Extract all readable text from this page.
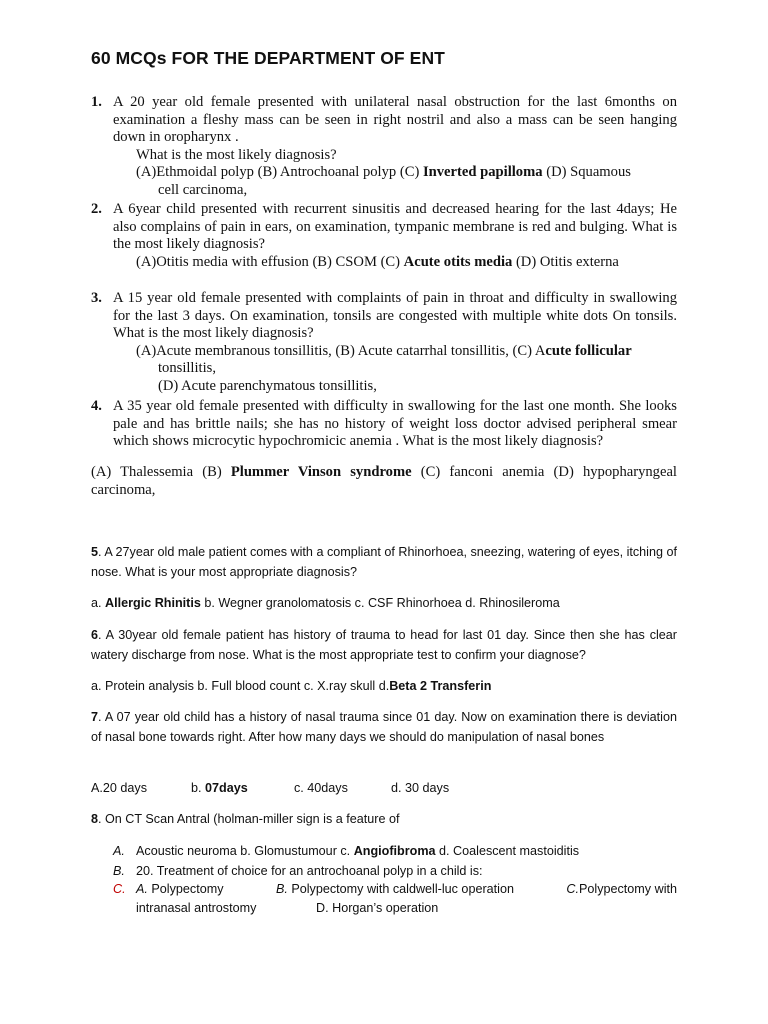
60 MCQs FOR THE DEPARTMENT OF ENT
1. A 20 year old female presented with unilateral nasal obstruction for the last 6months on examination a fleshy mass can be seen in right nostril and also a mass can be seen hanging down in oropharynx .
What is the most likely diagnosis?
(A)Ethmoidal polyp (B) Antrochoanal polyp (C) Inverted papilloma (D) Squamous
cell carcinoma,
2. A 6year child presented with recurrent sinusitis and decreased hearing for the last 4days; He also complains of pain in ears, on examination, tympanic membrane is red and bulging. What is the most likely diagnosis?
(A)Otitis media with effusion (B) CSOM (C) Acute otits media (D) Otitis externa
3. A 15 year old female presented with complaints of pain in throat and difficulty in swallowing for the last 3 days. On examination, tonsils are congested with multiple white dots On tonsils. What is the most likely diagnosis?
(A)Acute membranous tonsillitis, (B) Acute catarrhal tonsillitis, (C) Acute follicular
tonsillitis,
(D) Acute parenchymatous tonsillitis,
4. A 35 year old female presented with difficulty in swallowing for the last one month. She looks pale and has brittle nails; she has no history of weight loss doctor advised peripheral smear which shows microcytic hypochromicic anemia . What is the most likely diagnosis?
(A) Thalessemia (B) Plummer Vinson syndrome (C) fanconi anemia (D) hypopharyngeal carcinoma,
5. A 27year old male patient comes with a compliant of Rhinorhoea, sneezing, watering of eyes, itching of nose. What is your most appropriate diagnosis?
a. Allergic Rhinitis b. Wegner granolomatosis c. CSF Rhinorhoea d. Rhinosileroma
6. A 30year old female patient has history of trauma to head for last 01 day. Since then she has clear watery discharge from nose. What is the most appropriate test to confirm your diagnose?
a. Protein analysis b. Full blood count c. X.ray skull d.Beta 2 Transferin
7. A 07 year old child has a history of nasal trauma since 01 day. Now on examination there is deviation of nasal bone towards right. After how many days we should do manipulation of nasal bones
A.20 days	b. 07days	c. 40days	d. 30 days
8. On CT Scan Antral (holman-miller sign is a feature of
A. Acoustic neuroma b. Glomustumour c. Angiofibroma d. Coalescent mastoiditis
B. 20. Treatment of choice for an antrochoanal polyp in a child is:
C. A. Polypectomy	B. Polypectomy with caldwell-luc operation	C.Polypectomy with
intranasal antrostomy	D. Horgan’s operation
